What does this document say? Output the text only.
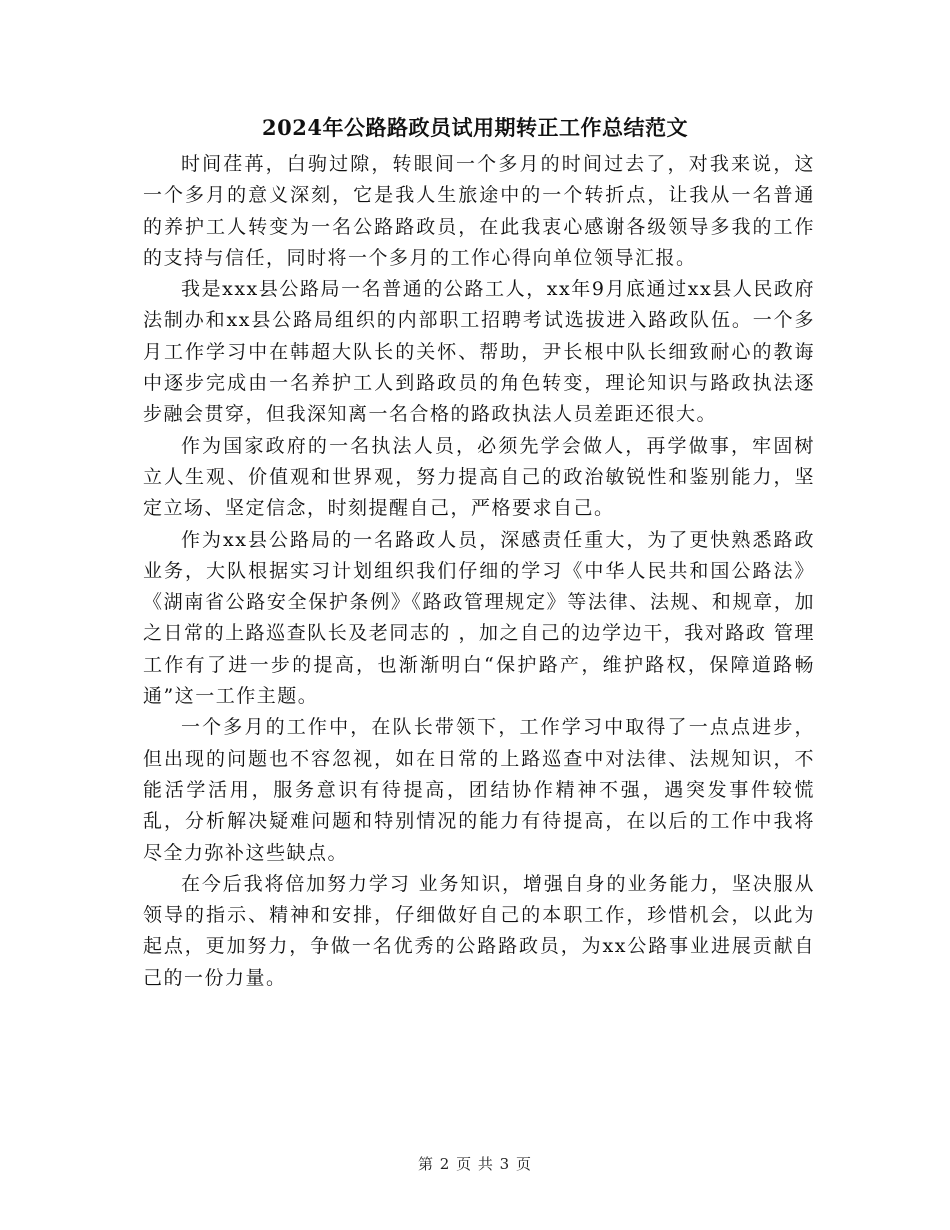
2024年公路路政员试用期转正工作总结范文

时间荏苒，白驹过隙，转眼间一个多月的时间过去了，对我来说，这一个多月的意义深刻，它是我人生旅途中的一个转折点，让我从一名普通的养护工人转变为一名公路路政员，在此我衷心感谢各级领导多我的工作的支持与信任，同时将一个多月的工作心得向单位领导汇报。

我是xxx县公路局一名普通的公路工人，xx年9月底通过xx县人民政府法制办和xx县公路局组织的内部职工招聘考试选拔进入路政队伍。一个多月工作学习中在韩超大队长的关怀、帮助，尹长根中队长细致耐心的教诲中逐步完成由一名养护工人到路政员的角色转变，理论知识与路政执法逐步融会贯穿，但我深知离一名合格的路政执法人员差距还很大。

作为国家政府的一名执法人员，必须先学会做人，再学做事，牢固树立人生观、价值观和世界观，努力提高自己的政治敏锐性和鉴别能力，坚定立场、坚定信念，时刻提醒自己，严格要求自己。

作为xx县公路局的一名路政人员，深感责任重大，为了更快熟悉路政业务，大队根据实习计划组织我们仔细的学习《中华人民共和国公路法》《湖南省公路安全保护条例》《路政管理规定》等法律、法规、和规章，加之日常的上路巡查队长及老同志的 ，加之自己的边学边干，我对路政 管理工作有了进一步的提高，也渐渐明白“保护路产，维护路权，保障道路畅通”这一工作主题。

一个多月的工作中，在队长带领下，工作学习中取得了一点点进步，但出现的问题也不容忽视，如在日常的上路巡查中对法律、法规知识，不能活学活用，服务意识有待提高，团结协作精神不强，遇突发事件较慌乱，分析解决疑难问题和特别情况的能力有待提高，在以后的工作中我将尽全力弥补这些缺点。

在今后我将倍加努力学习 业务知识，增强自身的业务能力，坚决服从领导的指示、精神和安排，仔细做好自己的本职工作，珍惜机会，以此为起点，更加努力，争做一名优秀的公路路政员，为xx公路事业进展贡献自己的一份力量。

第 2 页 共 3 页
